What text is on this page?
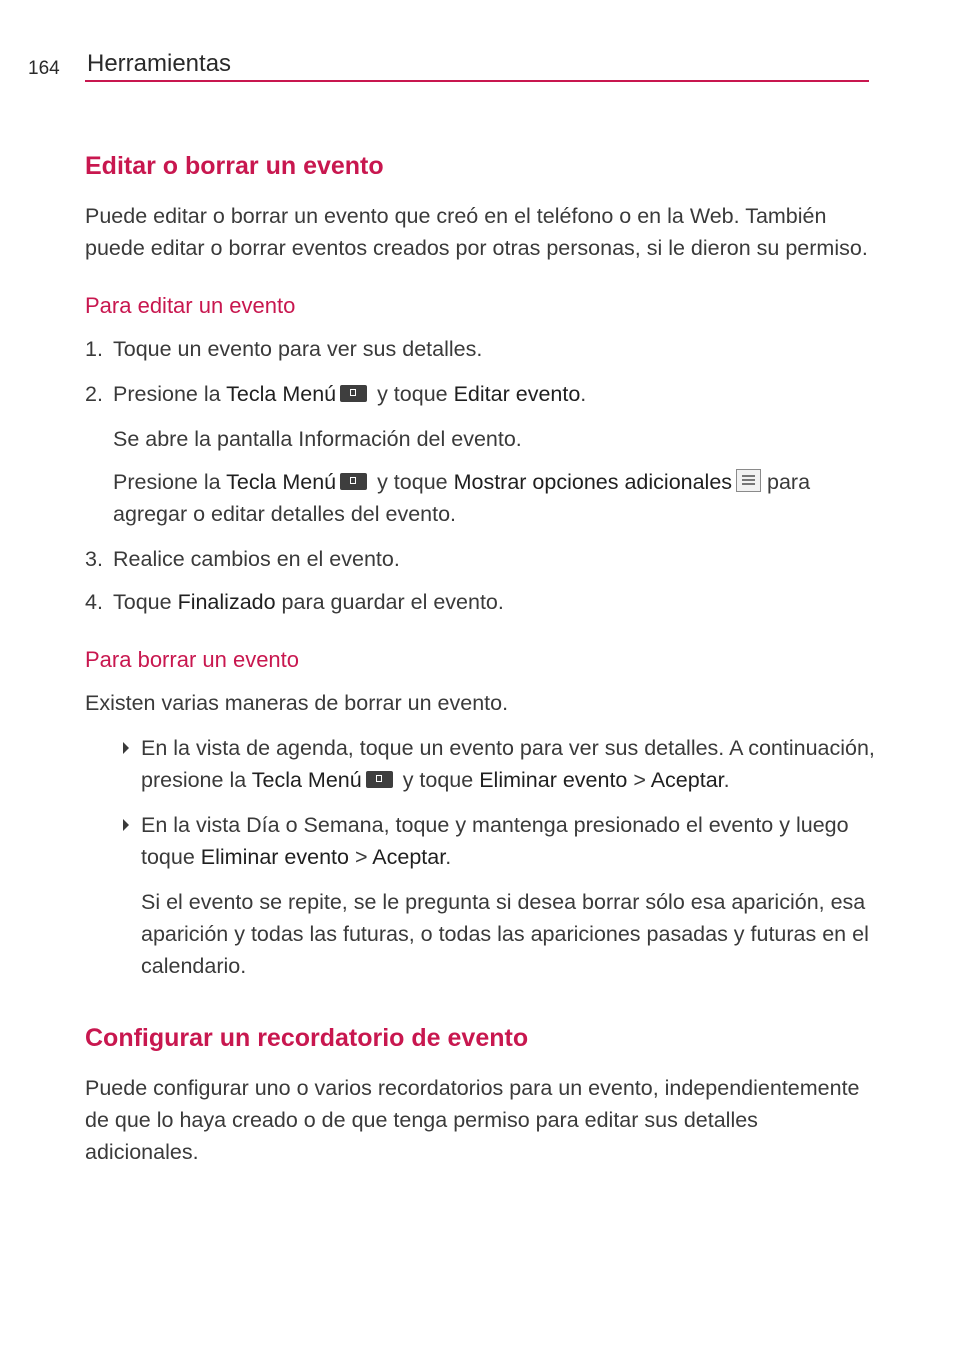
164 Herramientas
Editar o borrar un evento

Puede editar o borrar un evento que creó en el teléfono o en la Web. También puede editar o borrar eventos creados por otras personas, si le dieron su permiso.

Para editar un evento
1. Toque un evento para ver sus detalles.
2. Presione la Tecla Menú y toque Editar evento.

Se abre la pantalla Información del evento.

Presione la Tecla Menú y toque Mostrar opciones adicionales para agregar o editar detalles del evento.

3. Realice cambios en el evento.
4. Toque Finalizado para guardar el evento.
Para borrar un evento

Existen varias maneras de borrar un evento.

En la vista de agenda, toque un evento para ver sus detalles. A continuación, presione la Tecla Menú y toque Eliminar evento > Aceptar.
En la vista Día o Semana, toque y mantenga presionado el evento y luego toque Eliminar evento > Aceptar.

Si el evento se repite, se le pregunta si desea borrar sólo esa aparición, esa aparición y todas las futuras, o todas las apariciones pasadas y futuras en el calendario.

Configurar un recordatorio de evento

Puede configurar uno o varios recordatorios para un evento, independientemente de que lo haya creado o de que tenga permiso para editar sus detalles adicionales.
